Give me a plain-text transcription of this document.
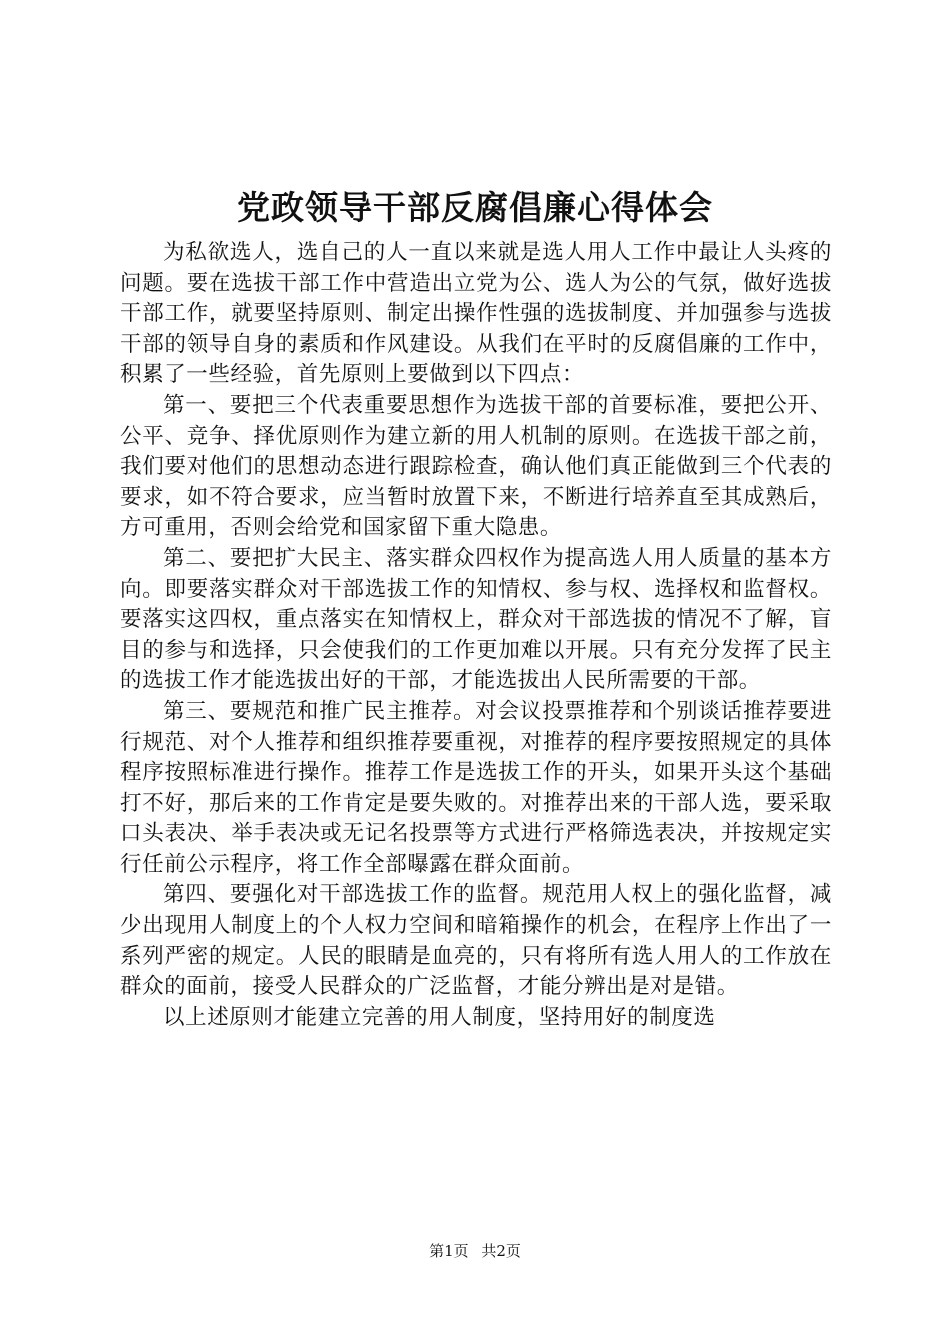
党政领导干部反腐倡廉心得体会

为私欲选人，选自己的人一直以来就是选人用人工作中最让人头疼的问题。要在选拔干部工作中营造出立党为公、选人为公的气氛，做好选拔干部工作，就要坚持原则、制定出操作性强的选拔制度、并加强参与选拔干部的领导自身的素质和作风建设。从我们在平时的反腐倡廉的工作中，积累了一些经验，首先原则上要做到以下四点：

第一、要把三个代表重要思想作为选拔干部的首要标准，要把公开、公平、竞争、择优原则作为建立新的用人机制的原则。在选拔干部之前，我们要对他们的思想动态进行跟踪检查，确认他们真正能做到三个代表的要求，如不符合要求，应当暂时放置下来，不断进行培养直至其成熟后，方可重用，否则会给党和国家留下重大隐患。

第二、要把扩大民主、落实群众四权作为提高选人用人质量的基本方向。即要落实群众对干部选拔工作的知情权、参与权、选择权和监督权。要落实这四权，重点落实在知情权上，群众对干部选拔的情况不了解，盲目的参与和选择，只会使我们的工作更加难以开展。只有充分发挥了民主的选拔工作才能选拔出好的干部，才能选拔出人民所需要的干部。

第三、要规范和推广民主推荐。对会议投票推荐和个别谈话推荐要进行规范、对个人推荐和组织推荐要重视，对推荐的程序要按照规定的具体程序按照标准进行操作。推荐工作是选拔工作的开头，如果开头这个基础打不好，那后来的工作肯定是要失败的。对推荐出来的干部人选，要采取口头表决、举手表决或无记名投票等方式进行严格筛选表决，并按规定实行任前公示程序，将工作全部曝露在群众面前。

第四、要强化对干部选拔工作的监督。规范用人权上的强化监督，减少出现用人制度上的个人权力空间和暗箱操作的机会，在程序上作出了一系列严密的规定。人民的眼睛是血亮的，只有将所有选人用人的工作放在群众的面前，接受人民群众的广泛监督，才能分辨出是对是错。

以上述原则才能建立完善的用人制度，坚持用好的制度选

第1页 共2页
